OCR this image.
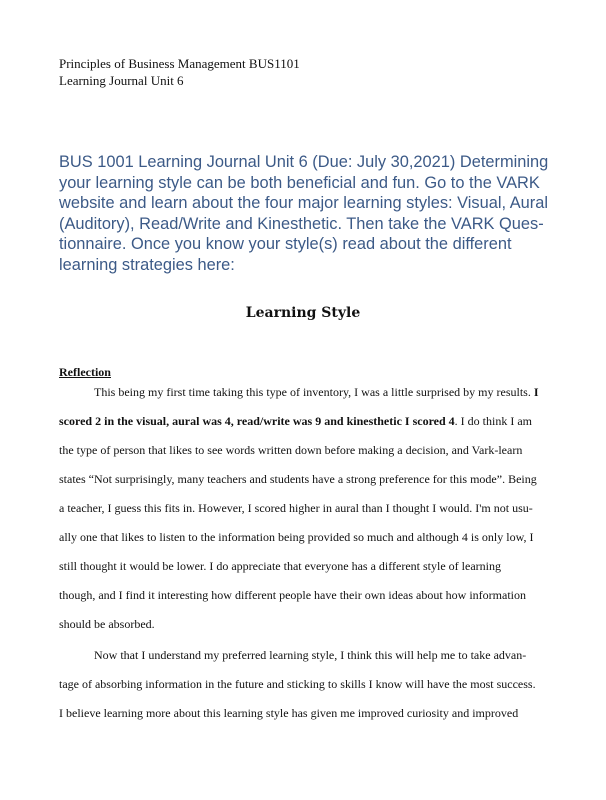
Principles of Business Management BUS1101
Learning Journal Unit 6
BUS 1001 Learning Journal Unit 6 (Due: July 30,2021) Determining
your learning style can be both beneficial and fun. Go to the VARK
website and learn about the four major learning styles: Visual, Aural
(Auditory), Read/Write and Kinesthetic. Then take the VARK Ques-
tionnaire. Once you know your style(s) read about the different
learning strategies here:
Learning Style
Reflection
This being my first time taking this type of inventory, I was a little surprised by my results. I
scored 2 in the visual, aural was 4, read/write was 9 and kinesthetic I scored 4. I do think I am
the type of person that likes to see words written down before making a decision, and Vark-learn
states “Not surprisingly, many teachers and students have a strong preference for this mode”. Being
a teacher, I guess this fits in. However, I scored higher in aural than I thought I would. I'm not usu-
ally one that likes to listen to the information being provided so much and although 4 is only low, I
still thought it would be lower. I do appreciate that everyone has a different style of learning
though, and I find it interesting how different people have their own ideas about how information
should be absorbed.
Now that I understand my preferred learning style, I think this will help me to take advan-
tage of absorbing information in the future and sticking to skills I know will have the most success.
I believe learning more about this learning style has given me improved curiosity and improved
